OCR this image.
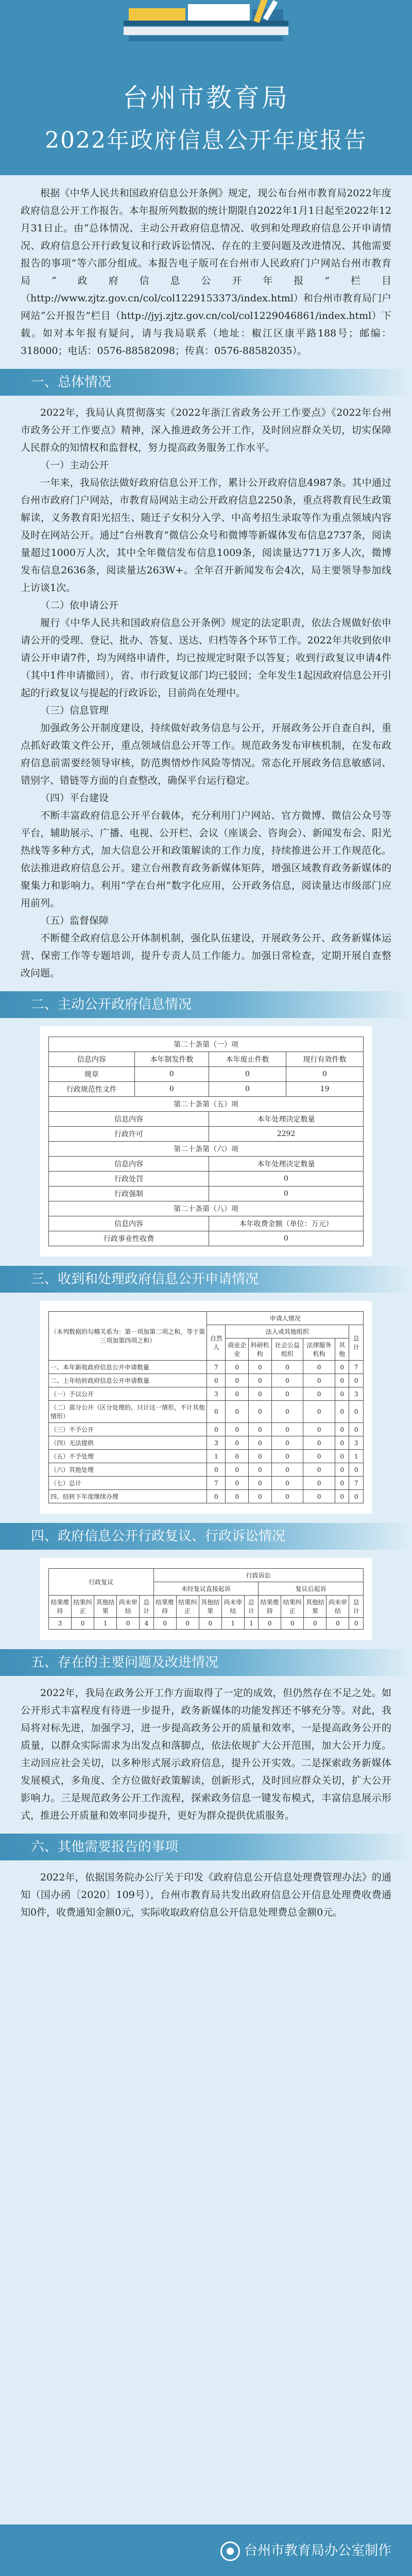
台州市教育局
2022年政府信息公开年度报告

根据《中华人民共和国政府信息公开条例》规定，现公布台州市教育局2022年度政府信息公开工作报告。本年报所列数据的统计期限自2022年1月1日起至2022年12月31日止。由“总体情况、主动公开政府信息情况、收到和处理政府信息公开申请情况、政府信息公开行政复议和行政诉讼情况、存在的主要问题及改进情况、其他需要报告的事项”等六部分组成。本报告电子版可在台州市人民政府门户网站台州市教育局“政府信息公开年报”栏目（http://www.zjtz.gov.cn/col/col1229153373/index.html）和台州市教育局门户网站“公开报告”栏目（http://jyj.zjtz.gov.cn/col/col1229046861/index.html）下载。如对本年报有疑问，请与我局联系（地址：椒江区康平路188号；邮编：318000；电话：0576-88582098；传真：0576-88582035）。

一、总体情况

2022年，我局认真贯彻落实《2022年浙江省政务公开工作要点》《2022年台州市政务公开工作要点》精神，深入推进政务公开工作，及时回应群众关切，切实保障人民群众的知情权和监督权，努力提高政务服务工作水平。

（一）主动公开

一年来，我局依法做好政府信息公开工作，累计公开政府信息4987条。其中通过台州市政府门户网站，市教育局网站主动公开政府信息2250条，重点将教育民生政策解读，义务教育阳光招生、随迁子女积分入学、中高考招生录取等作为重点领域内容及时在网站公开。通过“台州教育”微信公众号和微博等新媒体发布信息2737条，阅读量超过1000万人次，其中全年微信发布信息1009条，阅读量达771万多人次，微博发布信息2636条，阅读量达263W+。全年召开新闻发布会4次，局主要领导参加线上访谈1次。

（二）依申请公开

履行《中华人民共和国政府信息公开条例》规定的法定职责，依法合规做好依申请公开的受理、登记、批办、答复、送达、归档等各个环节工作。2022年共收到依申请公开申请7件，均为网络申请件，均已按规定时限予以答复；收到行政复议申请4件（其中1件申请撤回），省、市行政复议部门均已驳回；全年发生1起因政府信息公开引起的行政复议与提起的行政诉讼，目前尚在处理中。

（三）信息管理

加强政务公开制度建设，持续做好政务信息与公开，开展政务公开自查自纠，重点抓好政策文件公开，重点领域信息公开等工作。规范政务发布审核机制，在发布政府信息前需要经领导审核，防范舆情炒作风险等情况。常态化开展政务信息敏感词、错别字、错链等方面的自查整改，确保平台运行稳定。

（四）平台建设

不断丰富政府信息公开平台载体，充分利用门户网站、官方微博、微信公众号等平台，辅助展示、广播、电视、公开栏、会议（座谈会、咨询会）、新闻发布会、阳光热线等多种方式，加大信息公开和政策解读的工作力度，持续推进公开工作规范化。依法推进政府信息公开。建立台州教育政务新媒体矩阵，增强区域教育政务新媒体的聚集力和影响力。利用“学在台州”数字化应用，公开政务信息，阅读量达市级部门应用前列。

（五）监督保障

不断健全政府信息公开体制机制，强化队伍建设，开展政务公开、政务新媒体运营、保密工作等专题培训，提升专责人员工作能力。加强日常检查，定期开展自查整改问题。

二、主动公开政府信息情况
第二十条第（一）项			
信息内容	本年制发件数	本年废止件数	现行有效件数
规章	0	0	0
行政规范性文件	0	0	19
第二十条第（五）项			
信息内容		本年处理决定数量	
行政许可		2292	
第二十条第（六）项			
信息内容		本年处理决定数量	
行政处罚		0	
行政强制		0	
第二十条第（八）项			
信息内容		本年收费金额（单位：万元）	
行政事业性收费		0	
三、收到和处理政府信息公开申请情况
（本列数据的勾稽关系为：第一项加第二项之和，等于第三项加第四项之和）	申请人情况						
	自然人	法人或其他组织					总计
		商业企业	科研机构	社会公益组织	法律服务机构	其他	
一、本年新收政府信息公开申请数量	7	0	0	0	0	0	7
二、上年结转政府信息公开申请数量	0	0	0	0	0	0	0
（一）予以公开	3	0	0	0	0	0	3
（二）部分公开（区分处理的，只计这一情形，不计其他情形）	0	0	0	0	0	0	0
（三）不予公开	0	0	0	0	0	0	0
（四）无法提供	3	0	0	0	0	0	3
（五）不予处理	1	0	0	0	0	0	1
（六）其他处理	0	0	0	0	0	0	0
（七）总计	7	0	0	0	0	0	7
四、结转下年度继续办理	0	0	0	0	0	0	0
四、政府信息公开行政复议、行政诉讼情况
行政复议					行政诉讼									
					未经复议直接起诉					复议后起诉				
结果维持	结果纠正	其他结果	尚未审结	总计	结果维持	结果纠正	其他结果	尚未审结	总计	结果维持	结果纠正	其他结果	尚未审结	总计
3	0	1	0	4	0	0	0	1	1	0	0	0	0	0
五、存在的主要问题及改进情况

2022年，我局在政务公开工作方面取得了一定的成效，但仍然存在不足之处。如公开形式丰富程度有待进一步提升，政务新媒体的功能发挥还不够充分等。对此，我局将对标先进，加强学习，进一步提高政务公开的质量和效率，一是提高政务公开的质量，以群众实际需求为出发点和落脚点，依法依规扩大公开范围，加大公开力度。主动回应社会关切，以多种形式展示政府信息，提升公开实效。二是探索政务新媒体发展模式，多角度、全方位做好政策解读，创新形式，及时回应群众关切，扩大公开影响力。三是规范政务公开工作流程，探索政务信息一键发布模式，丰富信息展示形式，推进公开质量和效率同步提升，更好为群众提供优质服务。

六、其他需要报告的事项

2022年，依据国务院办公厅关于印发《政府信息公开信息处理费管理办法》的通知（国办函〔2020〕109号），台州市教育局共发出政府信息公开信息处理费收费通知0件，收费通知金额0元，实际收取政府信息公开信息处理费总金额0元。

台州市教育局办公室制作
